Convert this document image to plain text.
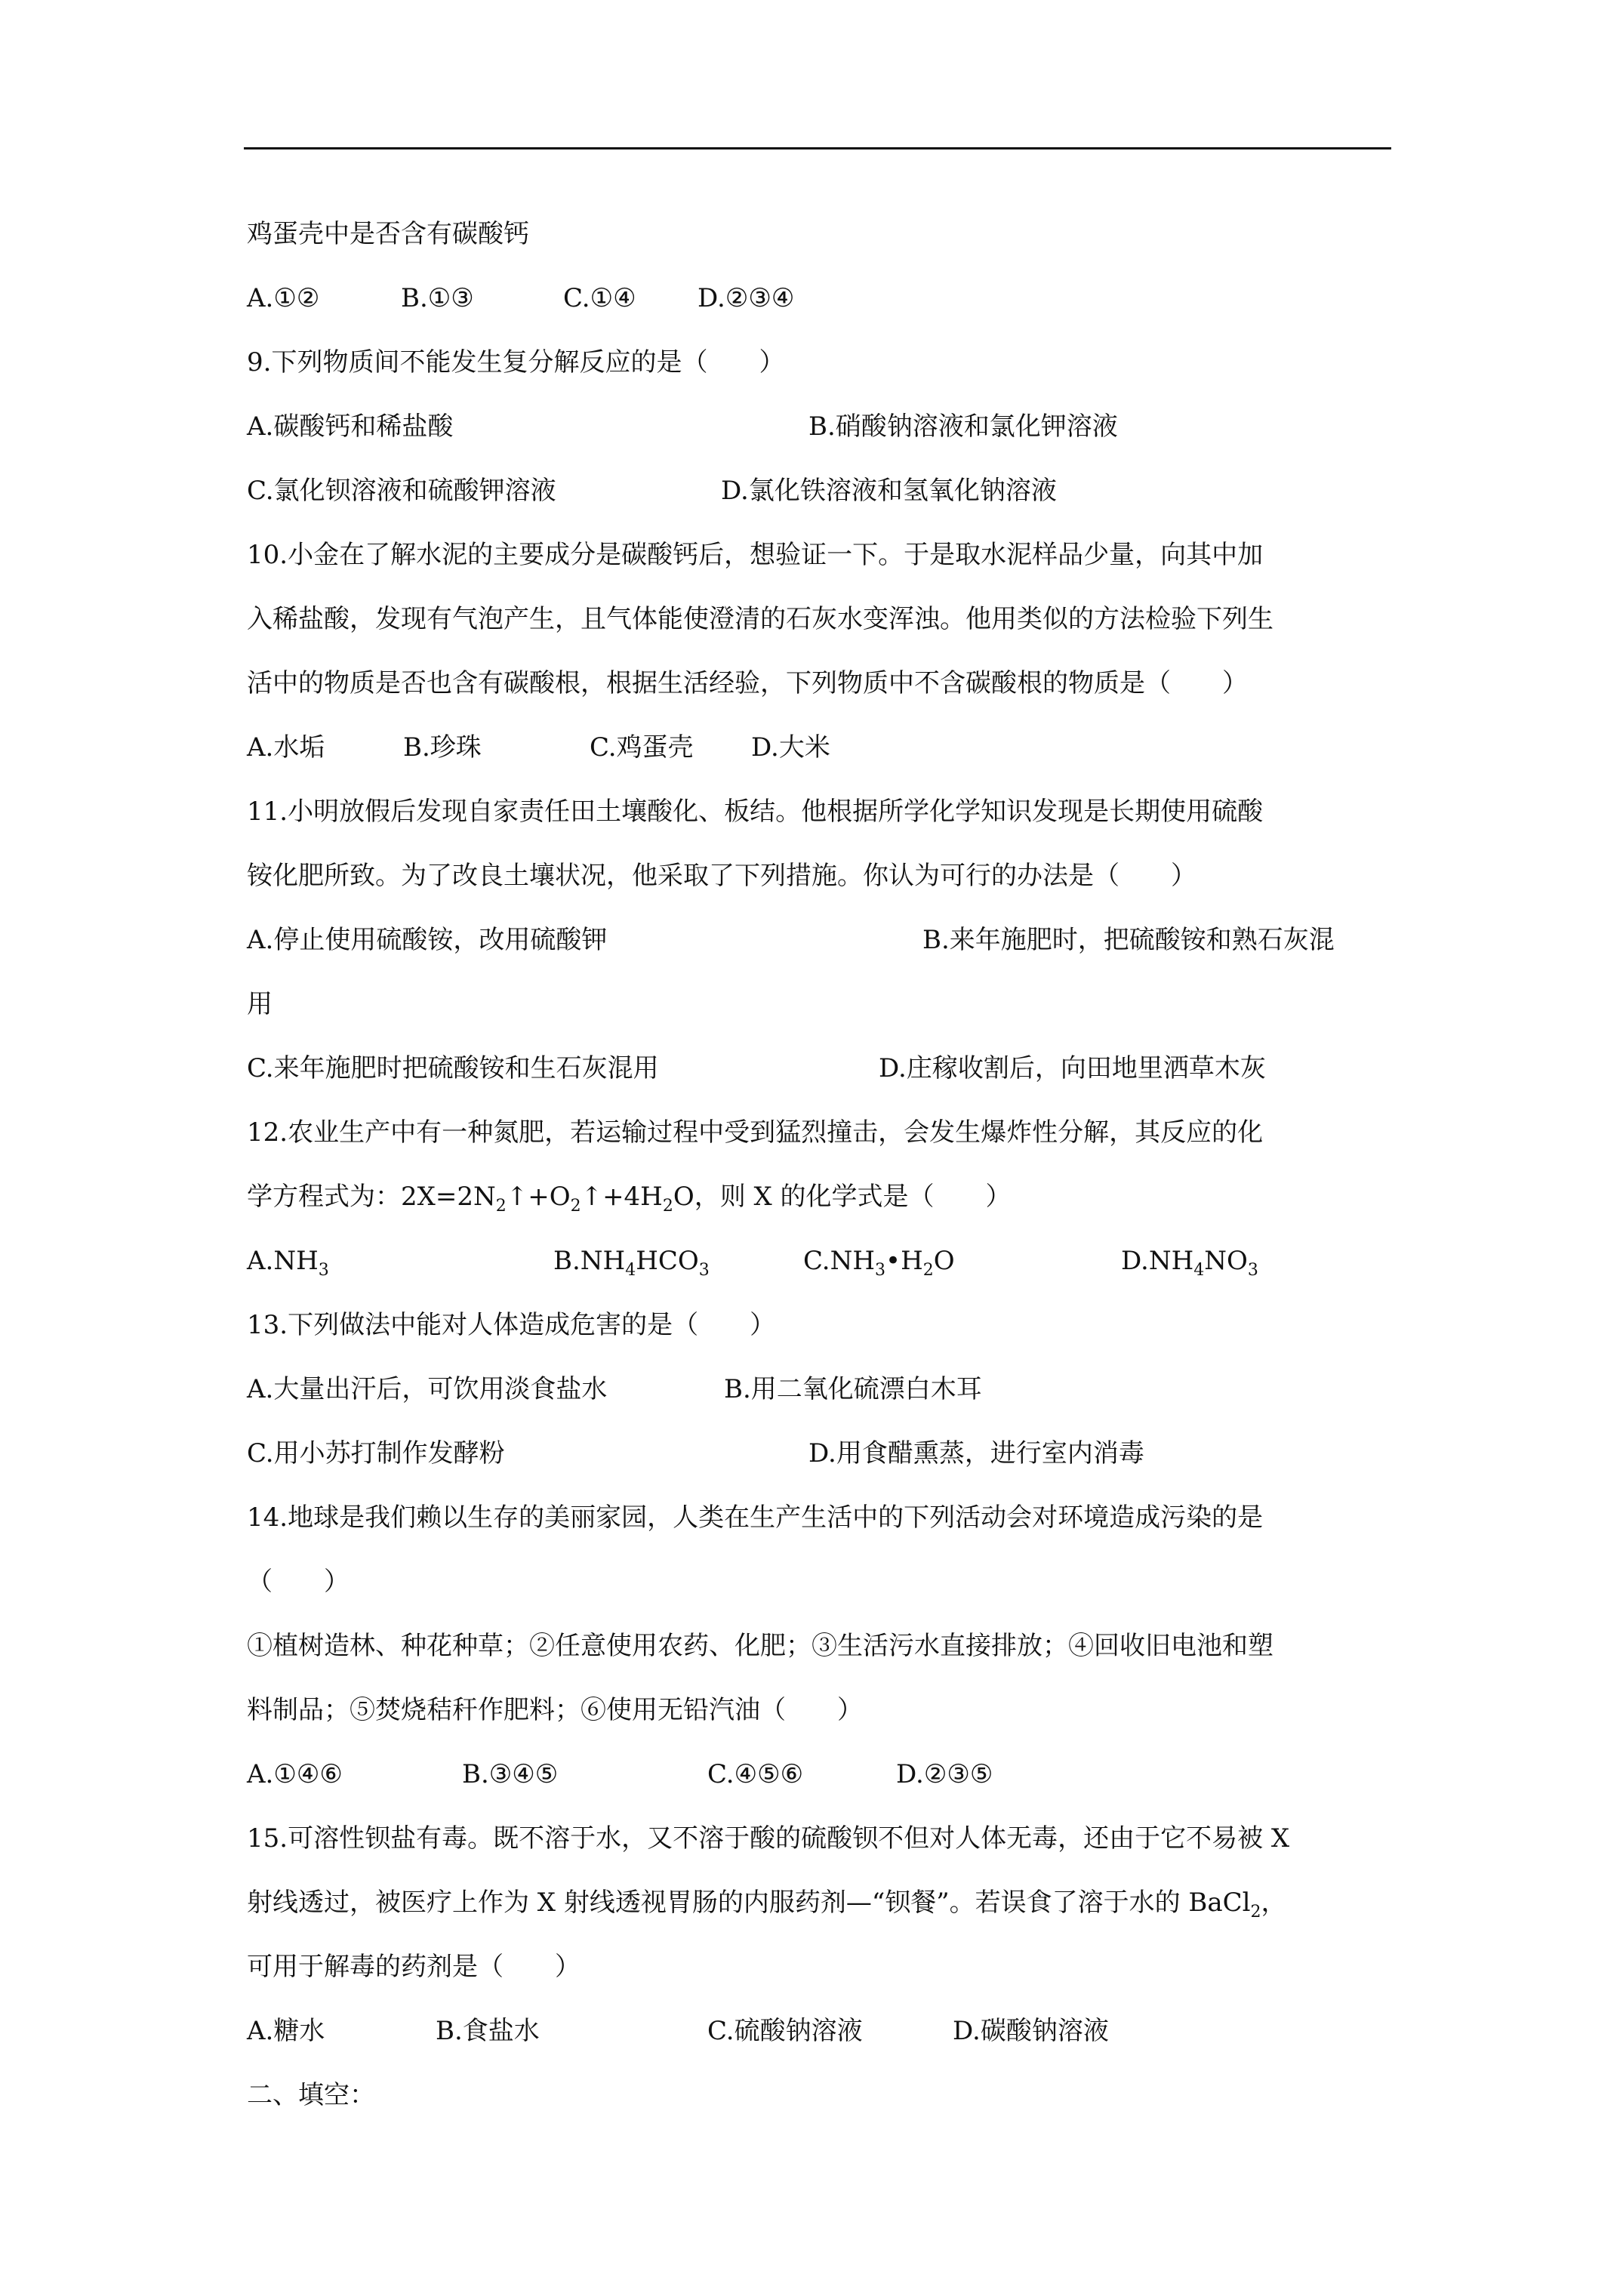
鸡蛋壳中是否含有碳酸钙
A.①②	B.①③	C.①④ D.②③④
9.下列物质间不能发生复分解反应的是（　　）
A.碳酸钙和稀盐酸	B.硝酸钠溶液和氯化钾溶液
C.氯化钡溶液和硫酸钾溶液	D.氯化铁溶液和氢氧化钠溶液
10.小金在了解水泥的主要成分是碳酸钙后，想验证一下。于是取水泥样品少量，向其中加
入稀盐酸，发现有气泡产生，且气体能使澄清的石灰水变浑浊。他用类似的方法检验下列生
活中的物质是否也含有碳酸根，根据生活经验，下列物质中不含碳酸根的物质是（　　）
A.水垢	B.珍珠	C.鸡蛋壳 D.大米
11.小明放假后发现自家责任田土壤酸化、板结。他根据所学化学知识发现是长期使用硫酸
铵化肥所致。为了改良土壤状况，他采取了下列措施。你认为可行的办法是（　　）
A.停止使用硫酸铵，改用硫酸钾	B.来年施肥时，把硫酸铵和熟石灰混
用
C.来年施肥时把硫酸铵和生石灰混用	D.庄稼收割后，向田地里洒草木灰
12.农业生产中有一种氮肥，若运输过程中受到猛烈撞击，会发生爆炸性分解，其反应的化
学方程式为：$2X=2N_2↑+O_2↑+4H_2O$，则 X 的化学式是（　　）
$A.NH_3$	$B.NH_4HCO_3$	$C.NH_3•H_2O$	$D.NH_4NO_3$
13.下列做法中能对人体造成危害的是（　　）
A.大量出汗后，可饮用淡食盐水	B.用二氧化硫漂白木耳
C.用小苏打制作发酵粉	D.用食醋熏蒸，进行室内消毒
14.地球是我们赖以生存的美丽家园，人类在生产生活中的下列活动会对环境造成污染的是
（　　）
①植树造林、种花种草；②任意使用农药、化肥；③生活污水直接排放；④回收旧电池和塑
料制品；⑤焚烧秸秆作肥料；⑥使用无铅汽油（　　）
A.①④⑥	B.③④⑤	C.④⑤⑥	D.②③⑤
15.可溶性钡盐有毒。既不溶于水，又不溶于酸的硫酸钡不但对人体无毒，还由于它不易被 X
射线透过，被医疗上作为 X 射线透视胃肠的内服药剂—“钡餐”。若误食了溶于水的 BaCl$_2$，
可用于解毒的药剂是（　　）
A.糖水	B.食盐水	C.硫酸钠溶液	D.碳酸钠溶液
二、填空：
